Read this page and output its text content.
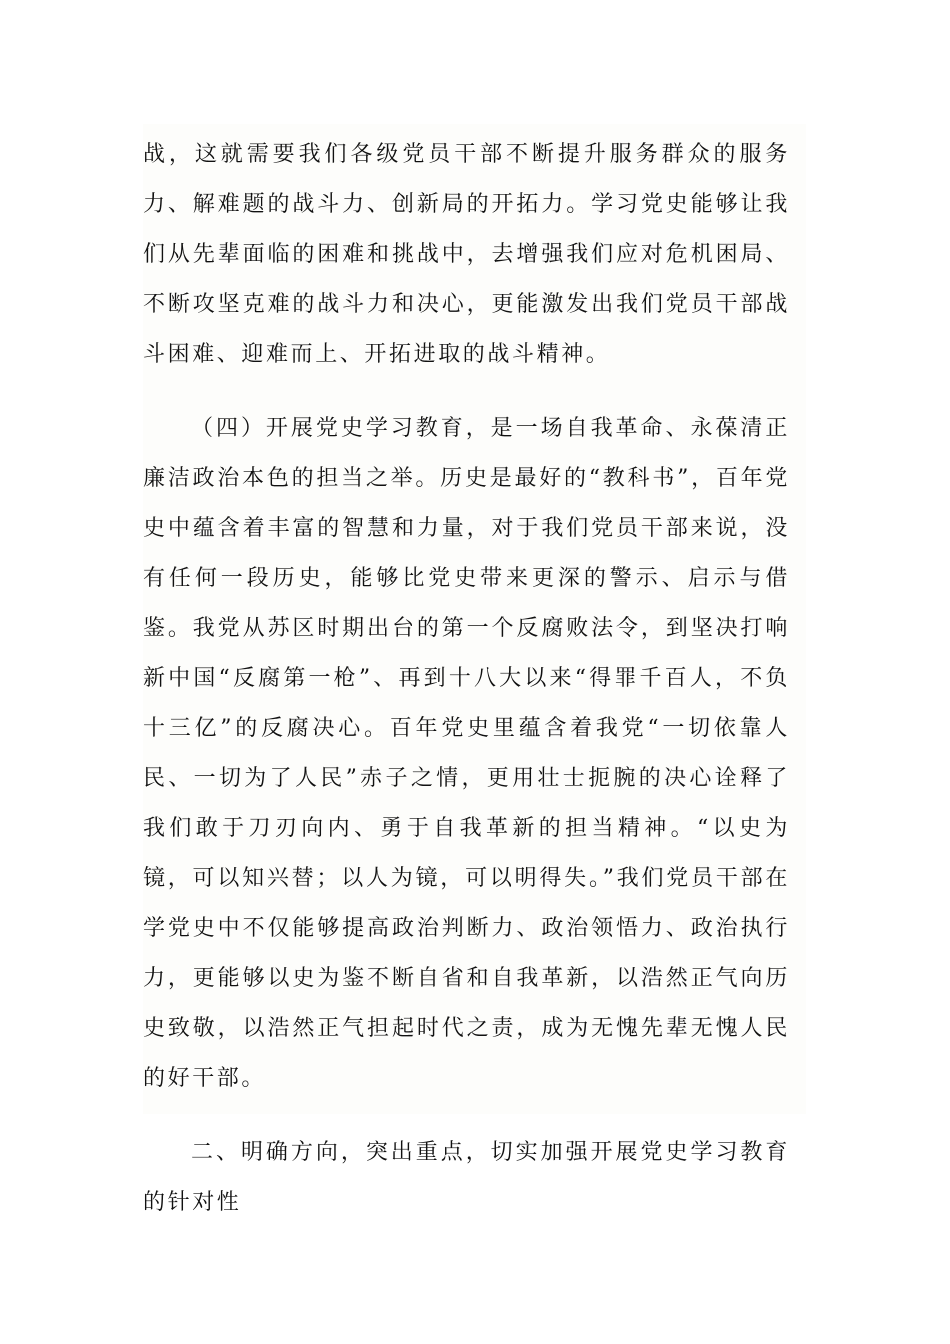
战，这就需要我们各级党员干部不断提升服务群众的服务力、解难题的战斗力、创新局的开拓力。学习党史能够让我们从先辈面临的困难和挑战中，去增强我们应对危机困局、不断攻坚克难的战斗力和决心，更能激发出我们党员干部战斗困难、迎难而上、开拓进取的战斗精神。

（四）开展党史学习教育，是一场自我革命、永葆清正廉洁政治本色的担当之举。历史是最好的“教科书”，百年党史中蕴含着丰富的智慧和力量，对于我们党员干部来说，没有任何一段历史，能够比党史带来更深的警示、启示与借鉴。我党从苏区时期出台的第一个反腐败法令，到坚决打响新中国“反腐第一枪”、再到十八大以来“得罪千百人，不负十三亿”的反腐决心。百年党史里蕴含着我党“一切依靠人民、一切为了人民”赤子之情，更用壮士扼腕的决心诠释了我们敢于刀刃向内、勇于自我革新的担当精神。“以史为镜，可以知兴替；以人为镜，可以明得失。”我们党员干部在学党史中不仅能够提高政治判断力、政治领悟力、政治执行力，更能够以史为鉴不断自省和自我革新，以浩然正气向历史致敬，以浩然正气担起时代之责，成为无愧先辈无愧人民的好干部。

二、明确方向，突出重点，切实加强开展党史学习教育的针对性
